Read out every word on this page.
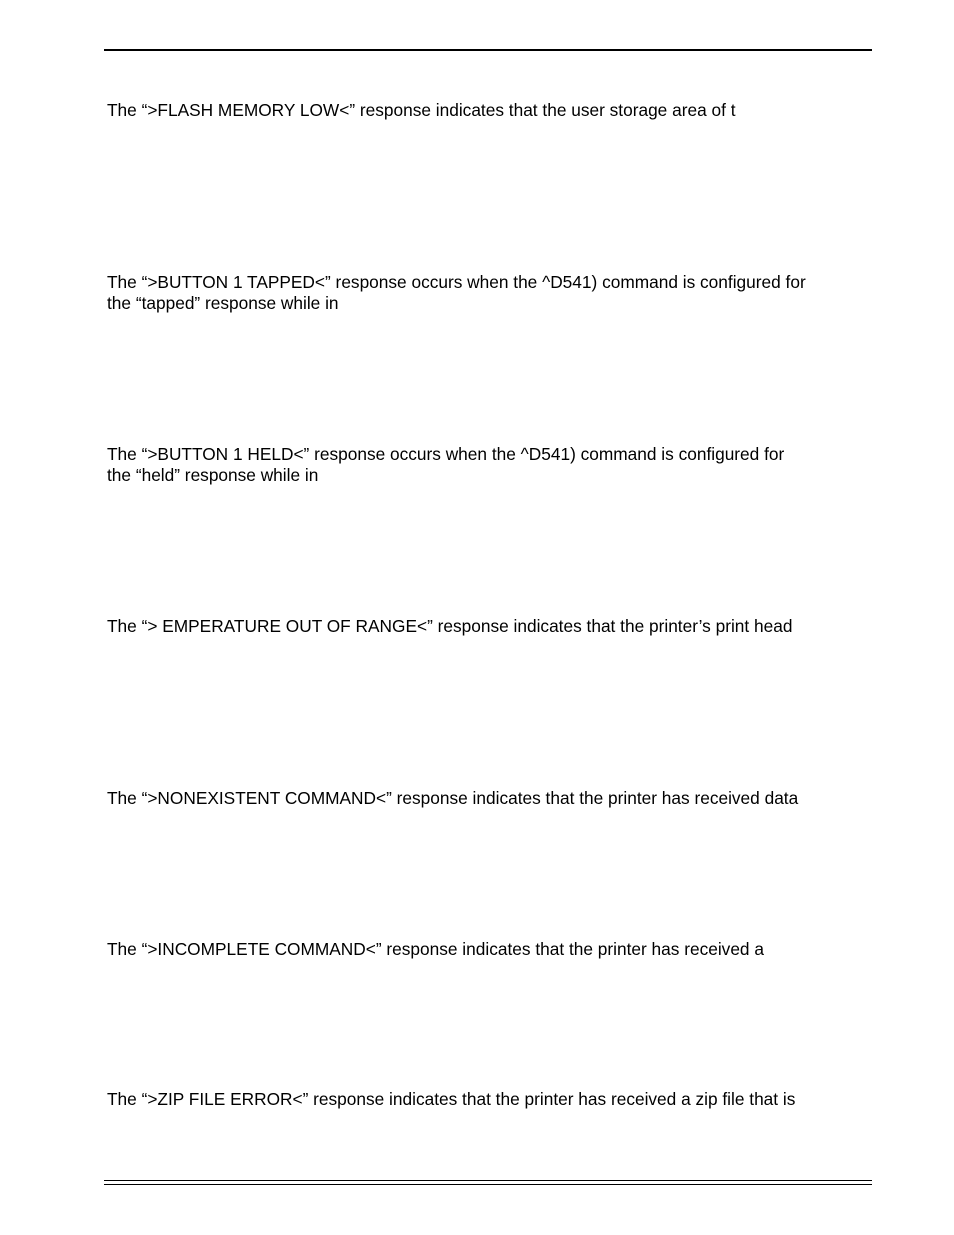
The “>FLASH MEMORY LOW<” response indicates that the user storage area of t

The “>BUTTON 1 TAPPED<” response occurs when the ^D541) command is configured for
the “tapped” response while in

The “>BUTTON 1 HELD<” response occurs when the ^D541) command is configured for
the “held” response while in

The “> EMPERATURE OUT OF RANGE<” response indicates that the printer’s print head

The “>NONEXISTENT COMMAND<” response indicates that the printer has received data

The “>INCOMPLETE COMMAND<” response indicates that the printer has received a

The “>ZIP FILE ERROR<” response indicates that the printer has received a zip file that is
